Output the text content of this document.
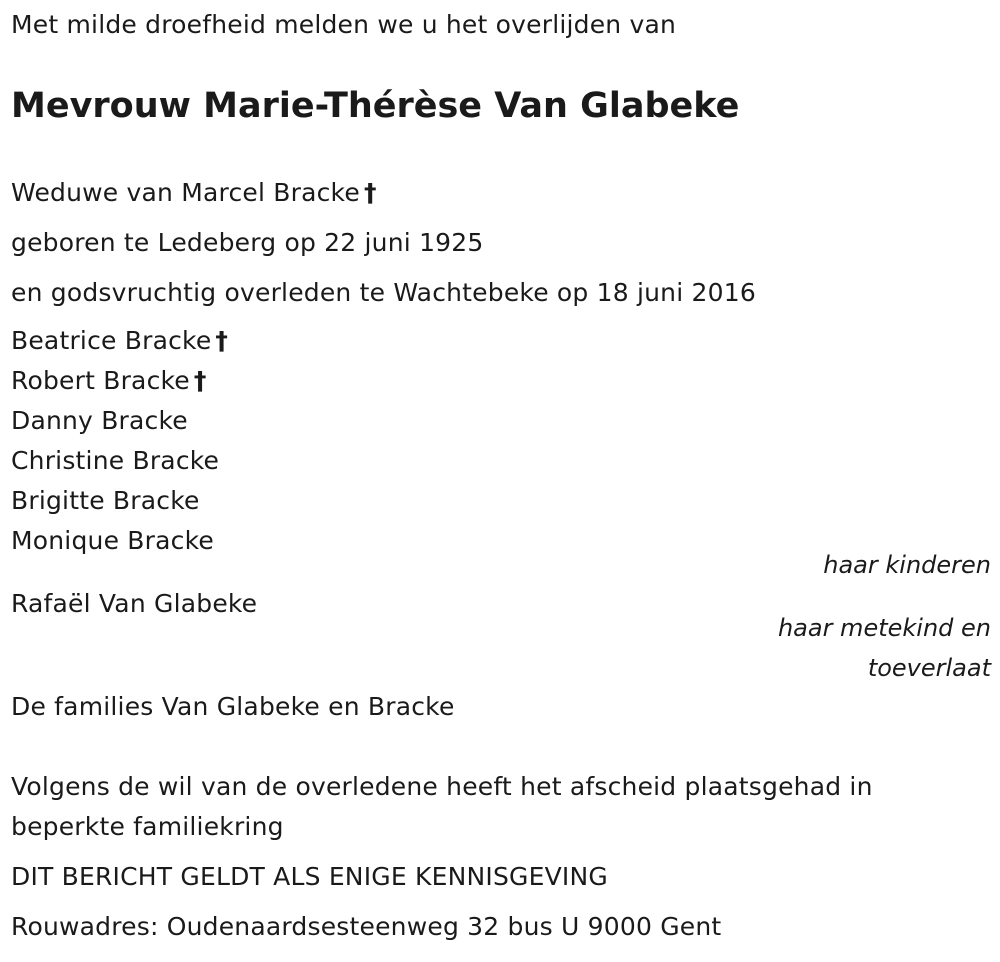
Met milde droefheid melden we u het overlijden van
Mevrouw Marie-Thérèse Van Glabeke
Weduwe van Marcel Bracke †
geboren te Ledeberg op 22 juni 1925
en godsvruchtig overleden te Wachtebeke op 18 juni 2016
Beatrice Bracke †
Robert Bracke †
Danny Bracke
Christine Bracke
Brigitte Bracke
Monique Bracke
haar kinderen
Rafaël Van Glabeke
haar metekind en
toeverlaat
De families Van Glabeke en Bracke
Volgens de wil van de overledene heeft het afscheid plaatsgehad in
beperkte familiekring
DIT BERICHT GELDT ALS ENIGE KENNISGEVING
Rouwadres: Oudenaardsesteenweg 32 bus U 9000 Gent
